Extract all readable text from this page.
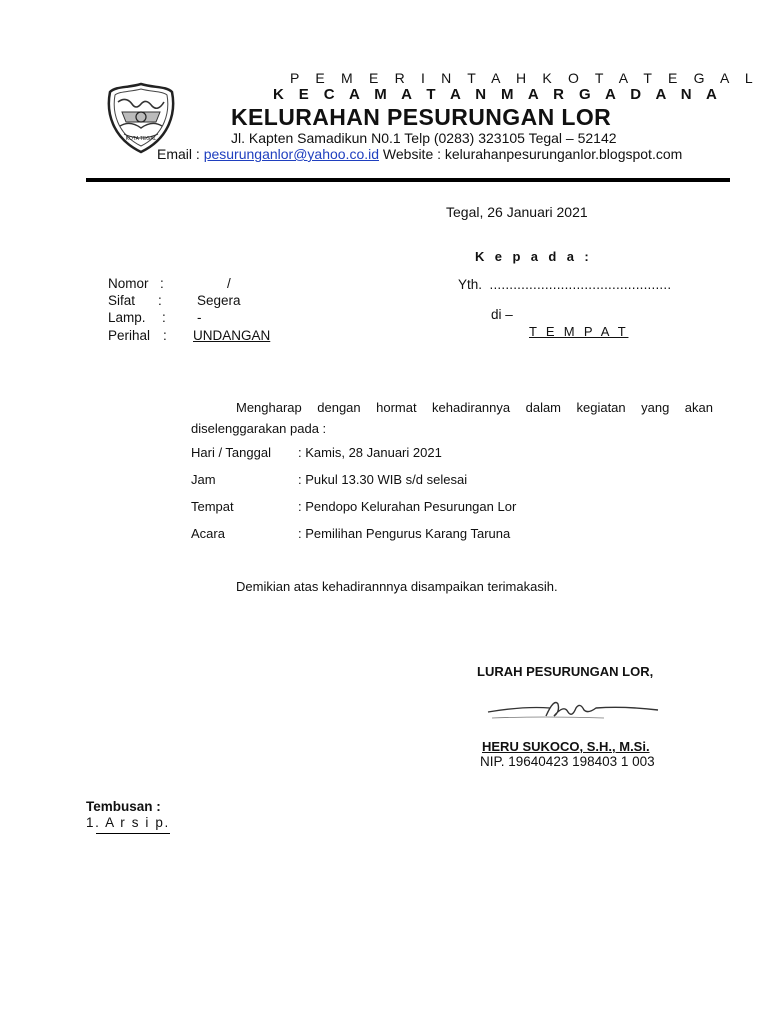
KOTA TEGAL
P E M E R I N T A H K O T A T E G A L
K E C A M A T A N M A R G A D A N A
KELURAHAN PESURUNGAN LOR
Jl. Kapten Samadikun N0.1 Telp (0283) 323105 Tegal – 52142
Email : pesurunganlor@yahoo.co.id Website : kelurahanpesurunganlor.blogspot.com
Tegal, 26 Januari 2021
K e p a d a :
Nomor :	/
Sifat :	Segera
Lamp. : -
Perihal : UNDANGAN
Yth. ..............................................
di –
T E M P A T
Mengharap dengan hormat kehadirannya dalam kegiatan yang akan diselenggarakan pada :
Hari / Tanggal : Kamis, 28 Januari 2021
Jam	: Pukul 13.30 WIB s/d selesai
Tempat	: Pendopo Kelurahan Pesurungan Lor
Acara	: Pemilihan Pengurus Karang Taruna
Demikian atas kehadirannnya disampaikan terimakasih.
LURAH PESURUNGAN LOR,
HERU SUKOCO, S.H., M.Si.
NIP. 19640423 198403 1 003
Tembusan :
1. A r s i p.
